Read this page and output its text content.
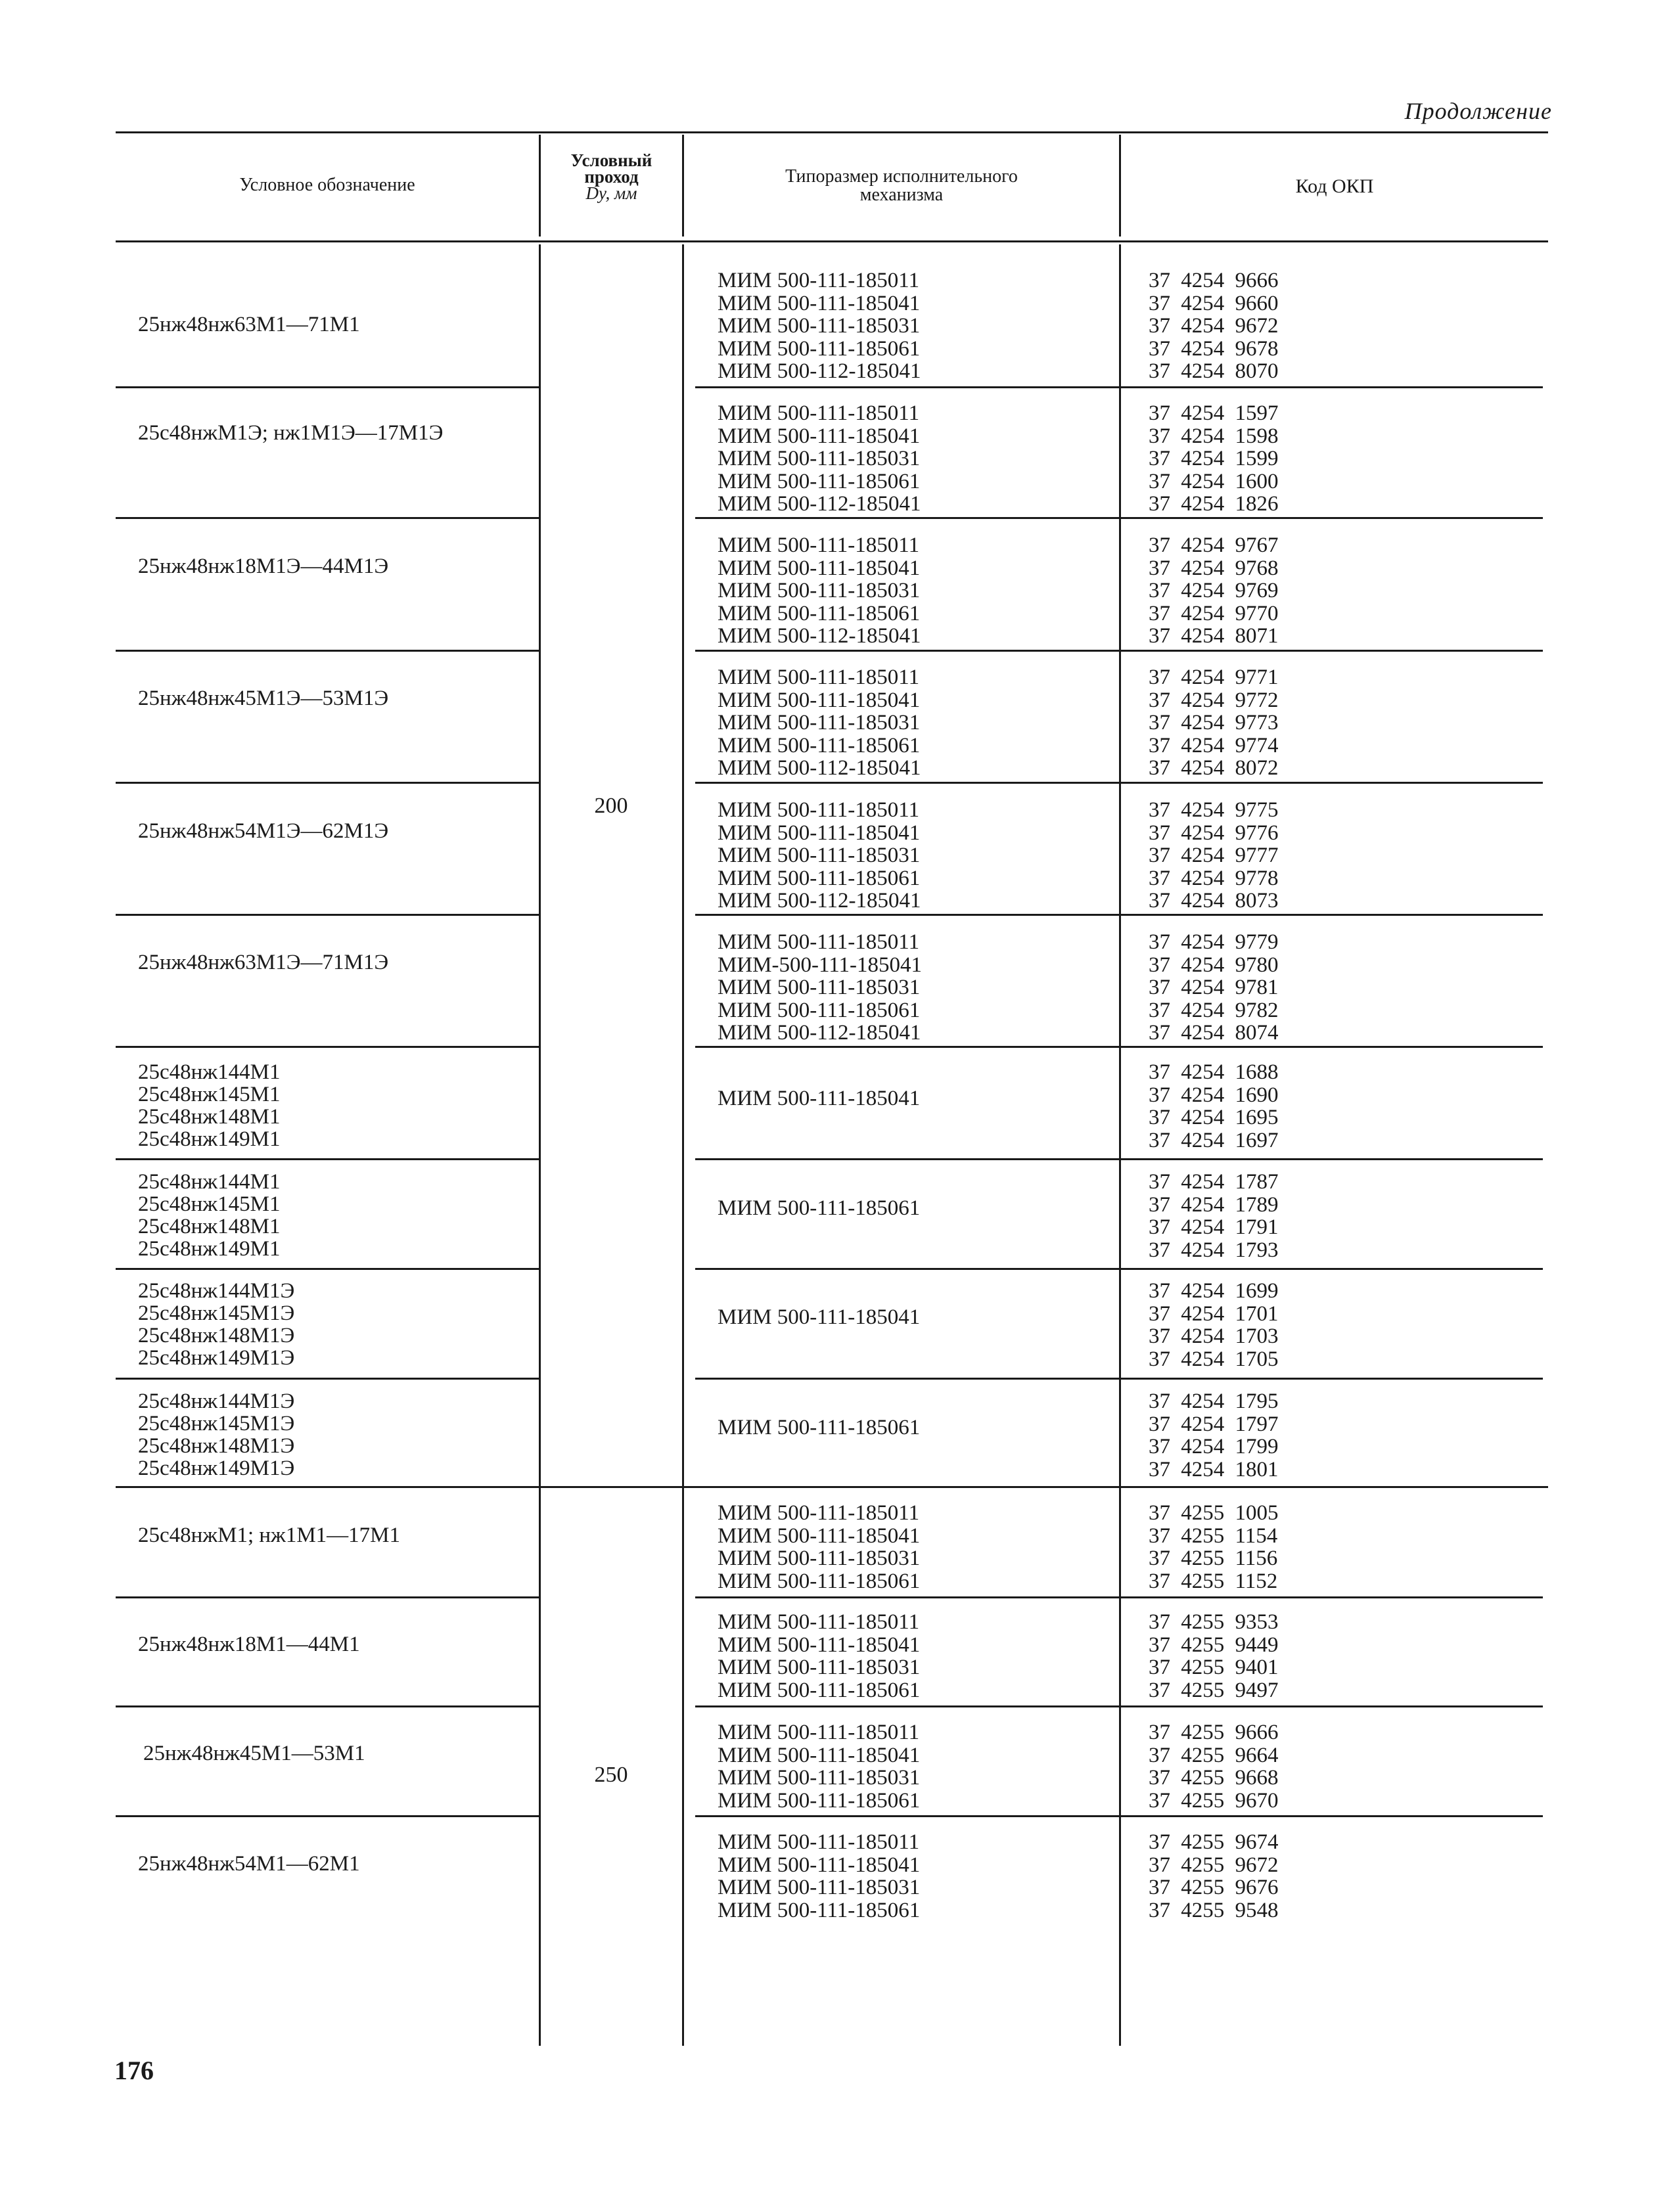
Продолжение
Условное обозначение
Условный
проход
Dy, мм
Типоразмер исполнительного
механизма	Код ОКП
200
250
25нж48нж63М1—71М1
МИМ 500-111-185011
МИМ 500-111-185041
МИМ 500-111-185031
МИМ 500-111-185061
МИМ 500-112-185041
37 4254 9666
37 4254 9660
37 4254 9672
37 4254 9678
37 4254 8070
25с48нжМ1Э; нж1М1Э—17М1Э
МИМ 500-111-185011
МИМ 500-111-185041
МИМ 500-111-185031
МИМ 500-111-185061
МИМ 500-112-185041
37 4254 1597
37 4254 1598
37 4254 1599
37 4254 1600
37 4254 1826
25нж48нж18М1Э—44М1Э
МИМ 500-111-185011
МИМ 500-111-185041
МИМ 500-111-185031
МИМ 500-111-185061
МИМ 500-112-185041
37 4254 9767
37 4254 9768
37 4254 9769
37 4254 9770
37 4254 8071
25нж48нж45М1Э—53М1Э
МИМ 500-111-185011
МИМ 500-111-185041
МИМ 500-111-185031
МИМ 500-111-185061
МИМ 500-112-185041
37 4254 9771
37 4254 9772
37 4254 9773
37 4254 9774
37 4254 8072
25нж48нж54М1Э—62М1Э
МИМ 500-111-185011
МИМ 500-111-185041
МИМ 500-111-185031
МИМ 500-111-185061
МИМ 500-112-185041
37 4254 9775
37 4254 9776
37 4254 9777
37 4254 9778
37 4254 8073
25нж48нж63М1Э—71М1Э
МИМ 500-111-185011
МИМ-500-111-185041
МИМ 500-111-185031
МИМ 500-111-185061
МИМ 500-112-185041
37 4254 9779
37 4254 9780
37 4254 9781
37 4254 9782
37 4254 8074
25с48нж144М1
25с48нж145М1
25с48нж148М1
25с48нж149М1
МИМ 500-111-185041
37 4254 1688
37 4254 1690
37 4254 1695
37 4254 1697
25с48нж144М1
25с48нж145М1
25с48нж148М1
25с48нж149М1
МИМ 500-111-185061
37 4254 1787
37 4254 1789
37 4254 1791
37 4254 1793
25с48нж144М1Э
25с48нж145М1Э
25с48нж148М1Э
25с48нж149М1Э
МИМ 500-111-185041
37 4254 1699
37 4254 1701
37 4254 1703
37 4254 1705
25с48нж144М1Э
25с48нж145М1Э
25с48нж148М1Э
25с48нж149М1Э
МИМ 500-111-185061
37 4254 1795
37 4254 1797
37 4254 1799
37 4254 1801
25с48нжМ1; нж1М1—17М1
МИМ 500-111-185011
МИМ 500-111-185041
МИМ 500-111-185031
МИМ 500-111-185061
37 4255 1005
37 4255 1154
37 4255 1156
37 4255 1152
25нж48нж18М1—44М1
МИМ 500-111-185011
МИМ 500-111-185041
МИМ 500-111-185031
МИМ 500-111-185061
37 4255 9353
37 4255 9449
37 4255 9401
37 4255 9497
25нж48нж45М1—53М1
МИМ 500-111-185011
МИМ 500-111-185041
МИМ 500-111-185031
МИМ 500-111-185061
37 4255 9666
37 4255 9664
37 4255 9668
37 4255 9670
25нж48нж54М1—62М1
МИМ 500-111-185011
МИМ 500-111-185041
МИМ 500-111-185031
МИМ 500-111-185061
37 4255 9674
37 4255 9672
37 4255 9676
37 4255 9548
176
